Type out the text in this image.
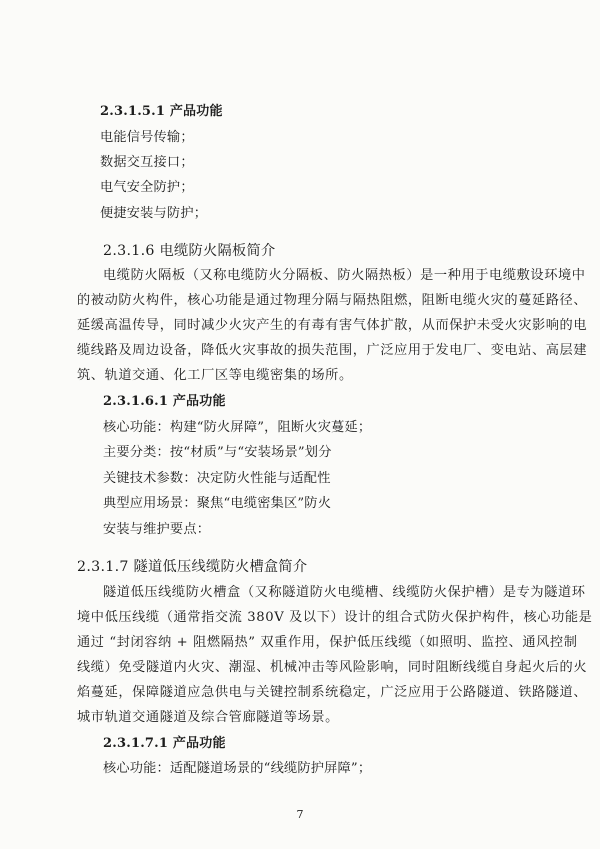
2.3.1.5.1 产品功能
电能信号传输；
数据交互接口；
电气安全防护；
便捷安装与防护；
2.3.1.6 电缆防火隔板简介
电缆防火隔板（又称电缆防火分隔板、防火隔热板）是一种用于电缆敷设环境中
的被动防火构件，核心功能是通过物理分隔与隔热阻燃，阻断电缆火灾的蔓延路径、
延缓高温传导，同时减少火灾产生的有毒有害气体扩散，从而保护未受火灾影响的电
缆线路及周边设备，降低火灾事故的损失范围，广泛应用于发电厂、变电站、高层建
筑、轨道交通、化工厂区等电缆密集的场所。
2.3.1.6.1 产品功能
核心功能：构建“防火屏障”，阻断火灾蔓延；
主要分类：按“材质”与“安装场景”划分
关键技术参数：决定防火性能与适配性
典型应用场景：聚焦“电缆密集区”防火
安装与维护要点：
2.3.1.7 隧道低压线缆防火槽盒简介
隧道低压线缆防火槽盒（又称隧道防火电缆槽、线缆防火保护槽）是专为隧道环
境中低压线缆（通常指交流 380V 及以下）设计的组合式防火保护构件，核心功能是
通过 “封闭容纳 + 阻燃隔热” 双重作用，保护低压线缆（如照明、监控、通风控制
线缆）免受隧道内火灾、潮湿、机械冲击等风险影响，同时阻断线缆自身起火后的火
焰蔓延，保障隧道应急供电与关键控制系统稳定，广泛应用于公路隧道、铁路隧道、
城市轨道交通隧道及综合管廊隧道等场景。
2.3.1.7.1 产品功能
核心功能：适配隧道场景的“线缆防护屏障”；
7
